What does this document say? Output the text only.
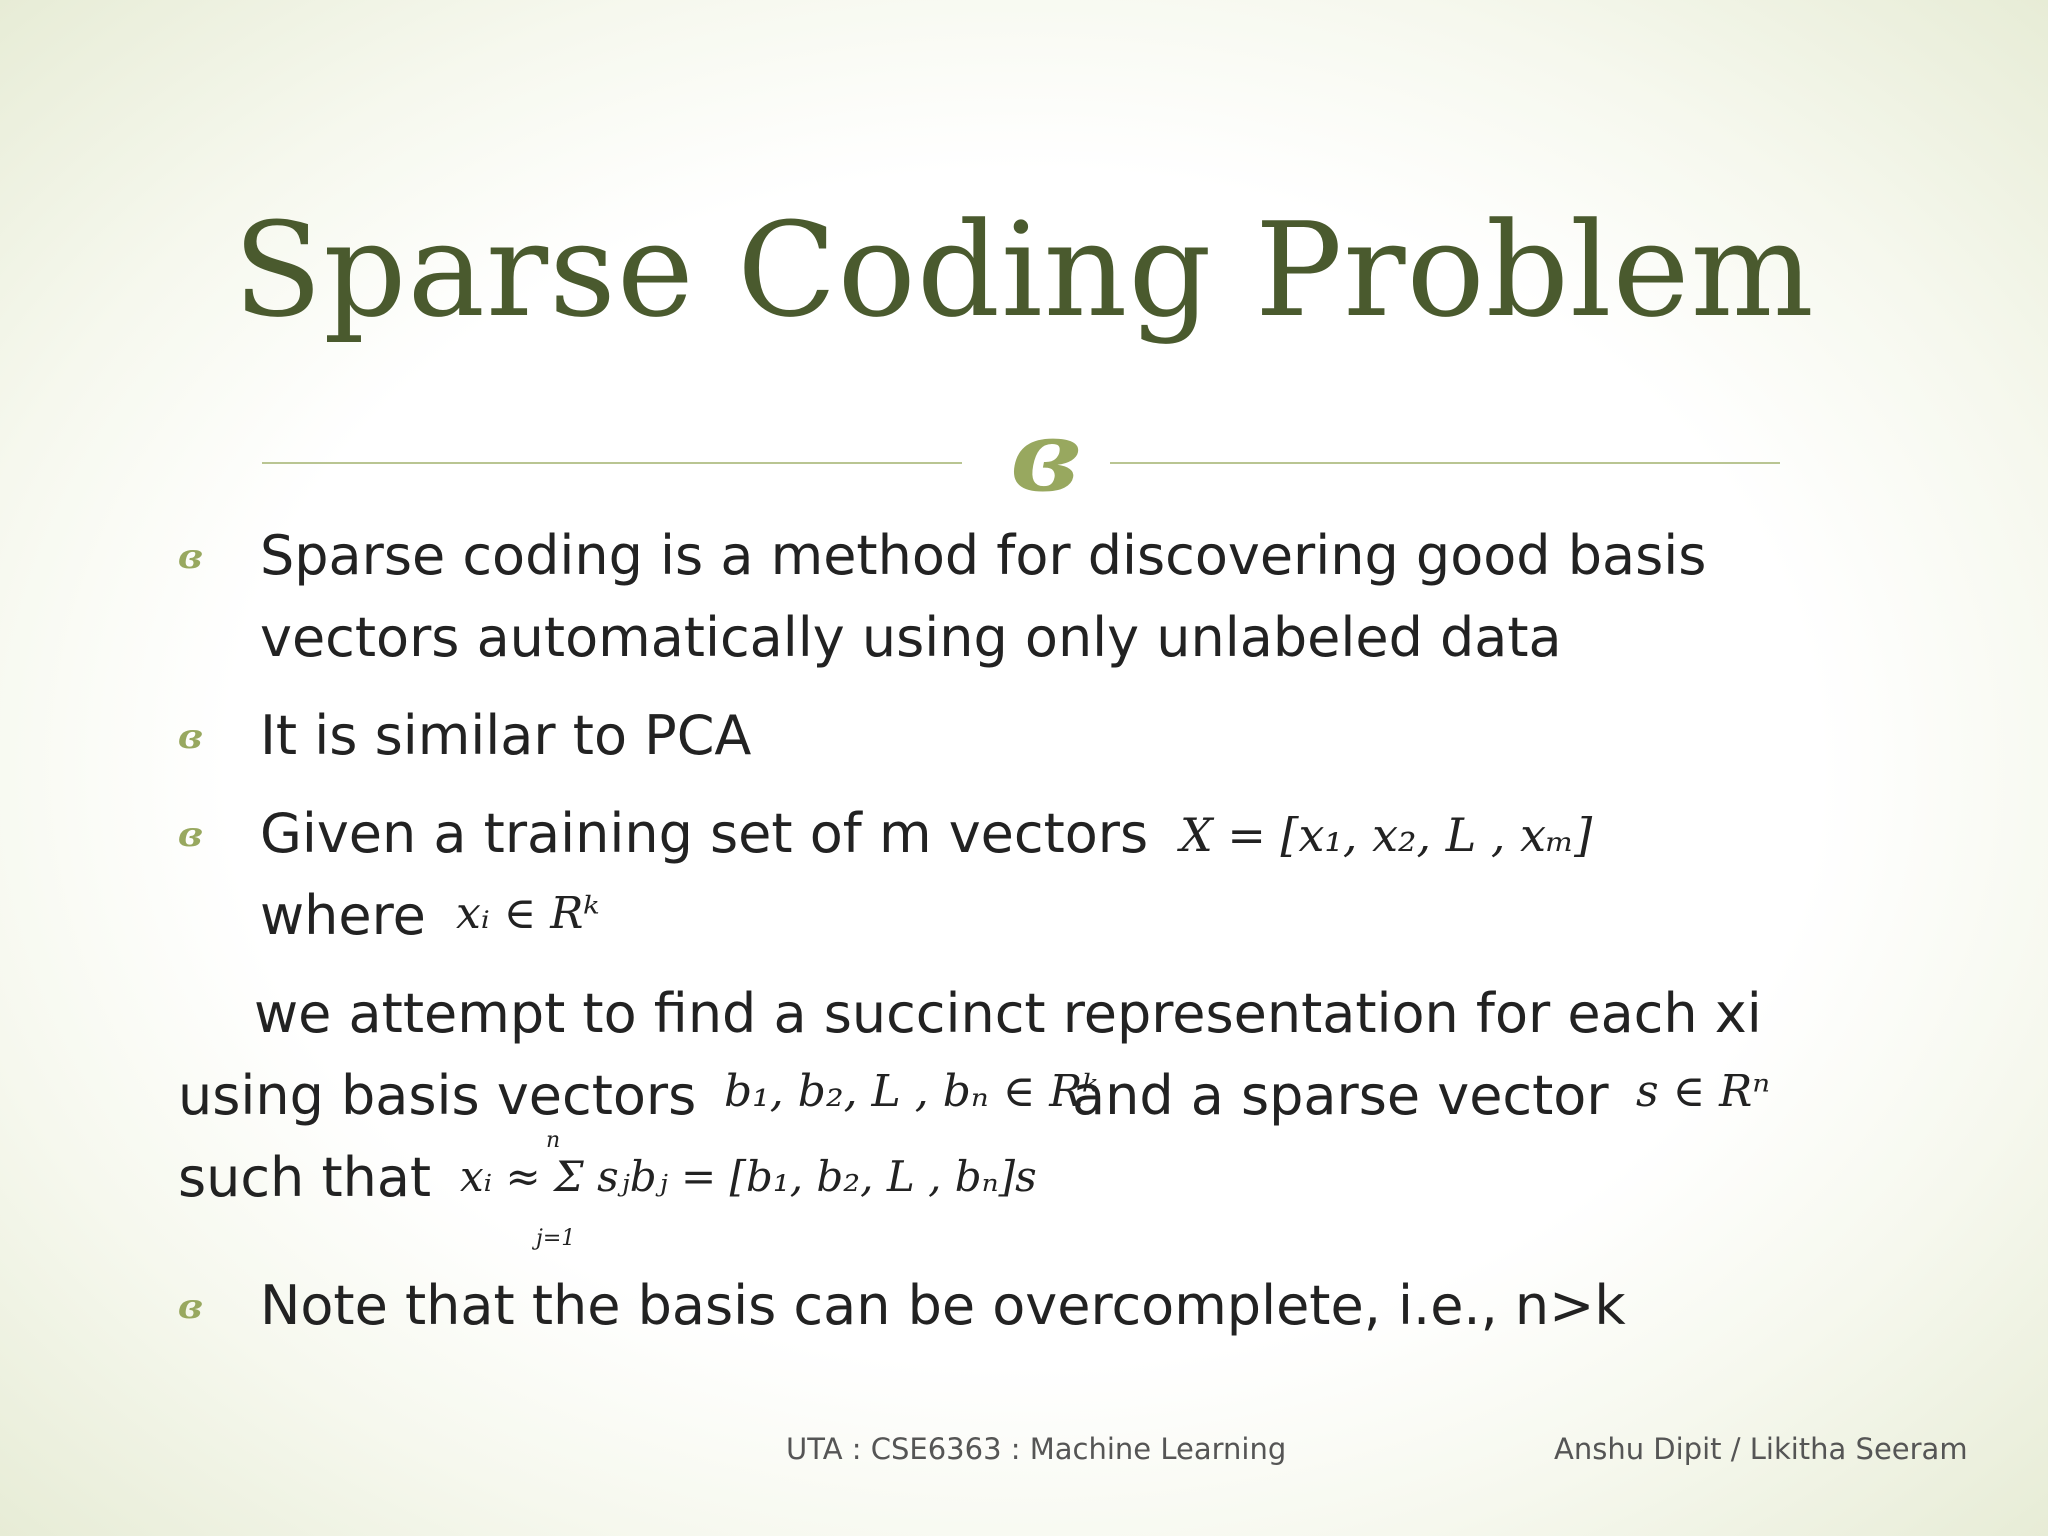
Sparse Coding Problem
ɞ
ɞ	Sparse coding is a method for discovering good basis
vectors automatically using only unlabeled data
ɞ	It is similar to PCA
ɞ	Given a training set of m vectors X = [x₁, x₂, L , xₘ]
where xᵢ ∈ Rᵏ
we attempt to find a succinct representation for each xi
using basis vectors b₁, b₂, L , bₙ ∈ Rᵏ
and a sparse vector s ∈ Rⁿ
such that
n
xᵢ ≈ Σ sⱼbⱼ = [b₁, b₂, L , bₙ]s
j=1
ɞ	Note that the basis can be overcomplete, i.e., n>k
UTA : CSE6363 : Machine Learning	Anshu Dipit / Likitha Seeram
